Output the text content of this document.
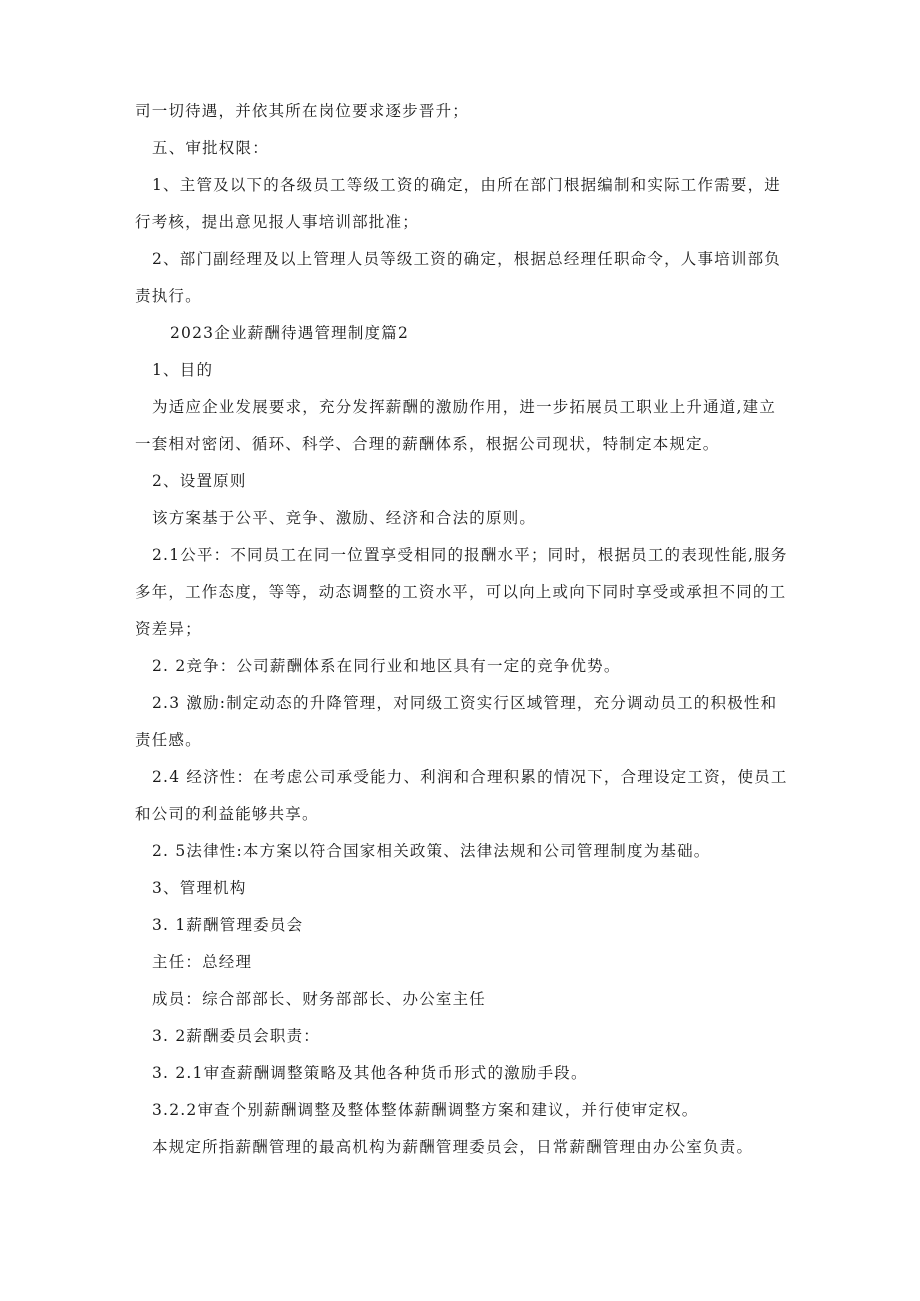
司一切待遇，并依其所在岗位要求逐步晋升；

五、审批权限：

1、主管及以下的各级员工等级工资的确定，由所在部门根据编制和实际工作需要，进行考核，提出意见报人事培训部批准；

2、部门副经理及以上管理人员等级工资的确定，根据总经理任职命令，人事培训部负责执行。

2023企业薪酬待遇管理制度篇2

1、目的

为适应企业发展要求，充分发挥薪酬的激励作用，进一步拓展员工职业上升通道,建立一套相对密闭、循环、科学、合理的薪酬体系，根据公司现状，特制定本规定。

2、设置原则

该方案基于公平、竞争、激励、经济和合法的原则。

2.1公平：不同员工在同一位置享受相同的报酬水平；同时，根据员工的表现性能,服务多年，工作态度，等等，动态调整的工资水平，可以向上或向下同时享受或承担不同的工资差异；

2. 2竞争：公司薪酬体系在同行业和地区具有一定的竞争优势。

2.3 激励:制定动态的升降管理，对同级工资实行区域管理，充分调动员工的积极性和责任感。

2.4 经济性：在考虑公司承受能力、利润和合理积累的情况下，合理设定工资，使员工和公司的利益能够共享。

2. 5法律性:本方案以符合国家相关政策、法律法规和公司管理制度为基础。

3、管理机构

3. 1薪酬管理委员会

主任：总经理

成员：综合部部长、财务部部长、办公室主任

3. 2薪酬委员会职责：

3. 2.1审查薪酬调整策略及其他各种货币形式的激励手段。

3.2.2审查个别薪酬调整及整体整体薪酬调整方案和建议，并行使审定权。

本规定所指薪酬管理的最高机构为薪酬管理委员会，日常薪酬管理由办公室负责。
